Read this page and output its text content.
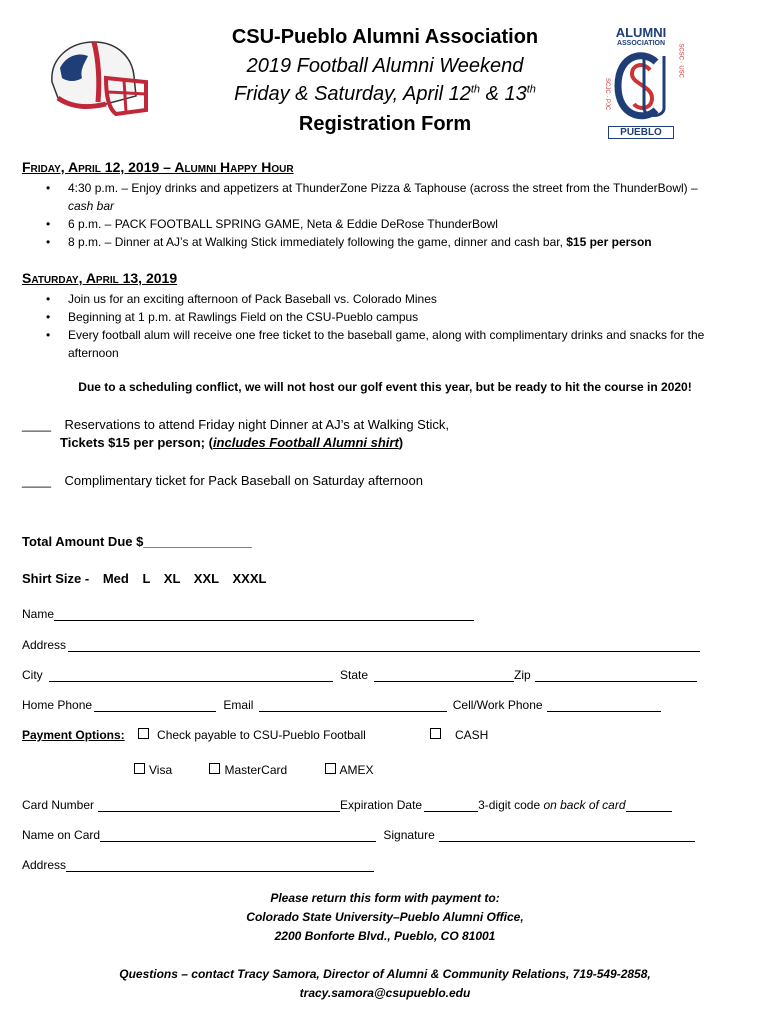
CSU-Pueblo Alumni Association
2019 Football Alumni Weekend
Friday & Saturday, April 12th & 13th
Registration Form
ALUMNI
ASSOCIATION
SCJC · PJC
SCSC · USC
PUEBLO
Friday, April 12, 2019 – Alumni Happy Hour
• 4:30 p.m. – Enjoy drinks and appetizers at ThunderZone Pizza & Taphouse (across the street from the ThunderBowl) –
cash bar
• 6 p.m. – PACK FOOTBALL SPRING GAME, Neta & Eddie DeRose ThunderBowl
• 8 p.m. – Dinner at AJ’s at Walking Stick immediately following the game, dinner and cash bar, $15 per person
Saturday, April 13, 2019
• Join us for an exciting afternoon of Pack Baseball vs. Colorado Mines
• Beginning at 1 p.m. at Rawlings Field on the CSU-Pueblo campus
• Every football alum will receive one free ticket to the baseball game, along with complimentary drinks and snacks for the afternoon
Due to a scheduling conflict, we will not host our golf event this year, but be ready to hit the course in 2020!
____ Reservations to attend Friday night Dinner at AJ’s at Walking Stick,
Tickets $15 per person; (includes Football Alumni shirt)
____ Complimentary ticket for Pack Baseball on Saturday afternoon
Total Amount Due $_______________
Shirt Size - Med L XL XXL XXXL
Name
Address
City	State	Zip
Home Phone	Email	Cell/Work Phone
Payment Options:	Check payable to CSU-Pueblo Football	CASH
Visa	MasterCard	AMEX
Card Number	Expiration Date	3-digit code on back of card
Name on Card	Signature
Address
Please return this form with payment to:
Colorado State University–Pueblo Alumni Office,
2200 Bonforte Blvd., Pueblo, CO 81001
Questions – contact Tracy Samora, Director of Alumni & Community Relations, 719-549-2858,
tracy.samora@csupueblo.edu
